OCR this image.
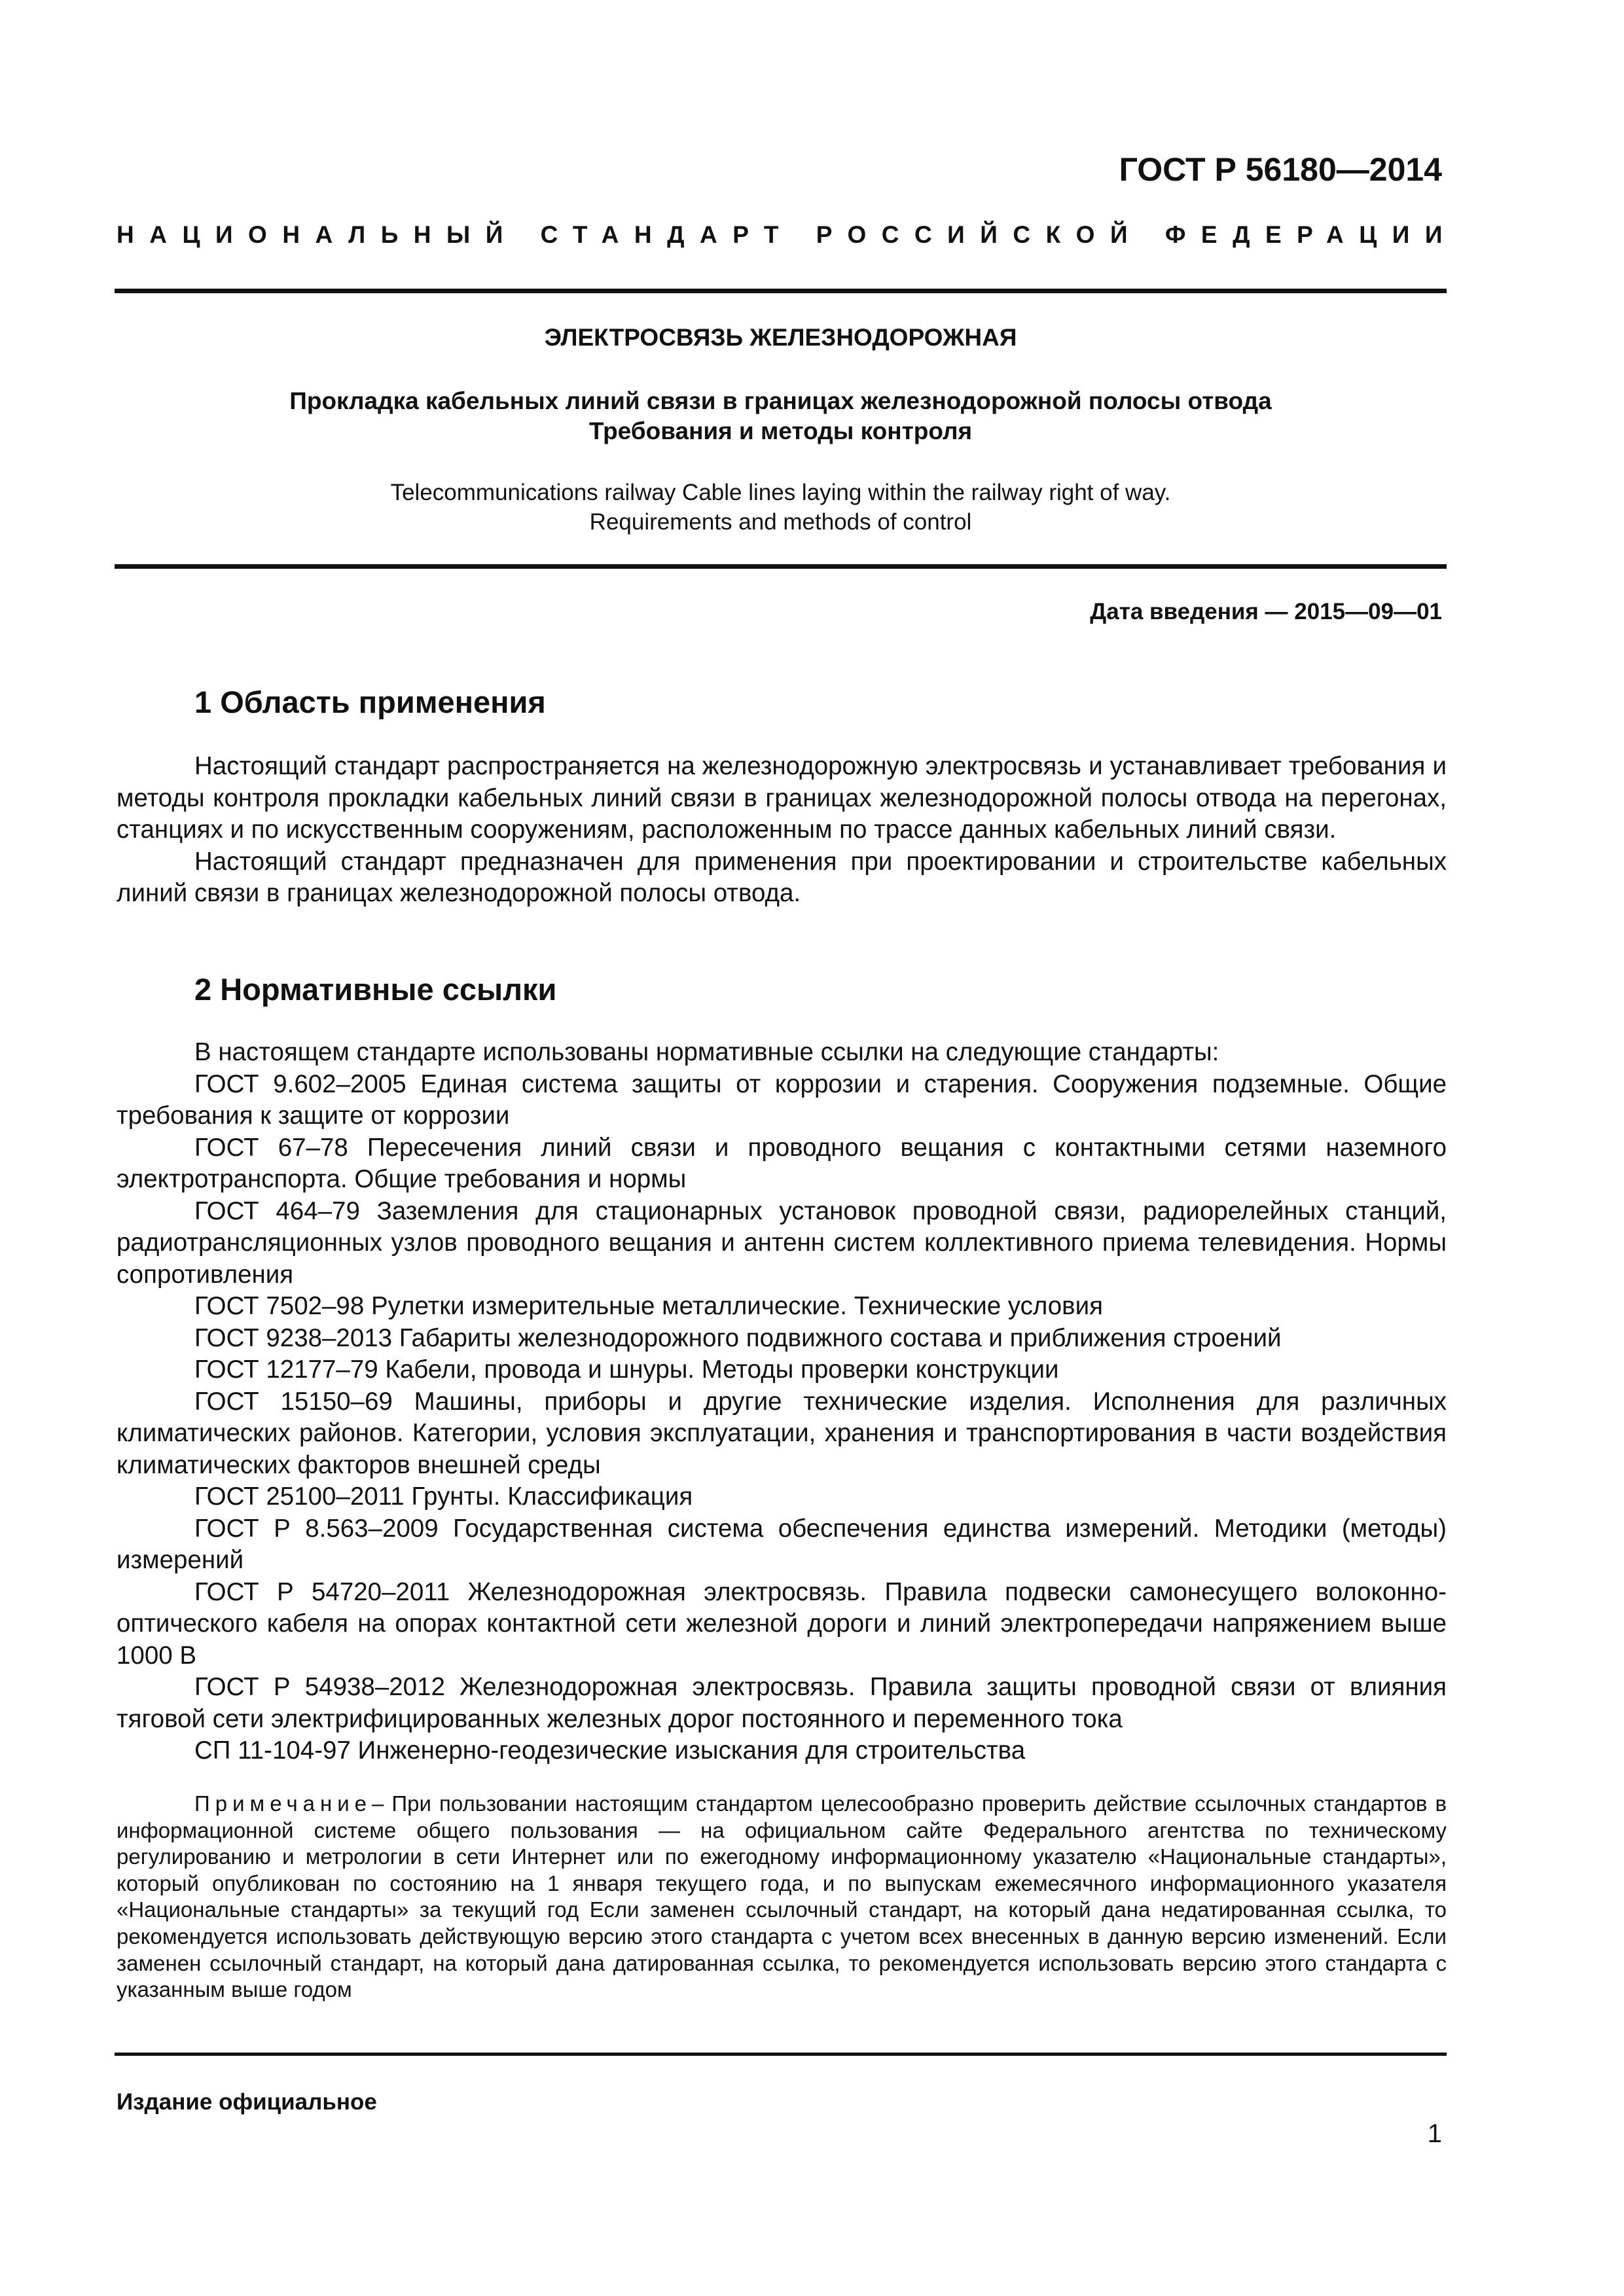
ГОСТ Р 56180—2014
НАЦИОНАЛЬНЫЙ СТАНДАРТ РОССИЙСКОЙ ФЕДЕРАЦИИ
ЭЛЕКТРОСВЯЗЬ ЖЕЛЕЗНОДОРОЖНАЯ
Прокладка кабельных линий связи в границах железнодорожной полосы отвода
Требования и методы контроля
Telecommunications railway Cable lines laying within the railway right of way.
Requirements and methods of control
Дата введения — 2015—09—01
1 Область применения

Настоящий стандарт распространяется на железнодорожную электросвязь и устанавливает требования и методы контроля прокладки кабельных линий связи в границах железнодорожной полосы отвода на перегонах, станциях и по искусственным сооружениям, расположенным по трассе данных кабельных линий связи.

Настоящий стандарт предназначен для применения при проектировании и строительстве кабельных линий связи в границах железнодорожной полосы отвода.

2 Нормативные ссылки

В настоящем стандарте использованы нормативные ссылки на следующие стандарты:

ГОСТ 9.602–2005 Единая система защиты от коррозии и старения. Сооружения подземные. Общие требования к защите от коррозии

ГОСТ 67–78 Пересечения линий связи и проводного вещания с контактными сетями наземного электротранспорта. Общие требования и нормы

ГОСТ 464–79 Заземления для стационарных установок проводной связи, радиорелейных станций, радиотрансляционных узлов проводного вещания и антенн систем коллективного приема телевидения. Нормы сопротивления

ГОСТ 7502–98 Рулетки измерительные металлические. Технические условия

ГОСТ 9238–2013 Габариты железнодорожного подвижного состава и приближения строений

ГОСТ 12177–79 Кабели, провода и шнуры. Методы проверки конструкции

ГОСТ 15150–69 Машины, приборы и другие технические изделия. Исполнения для различных климатических районов. Категории, условия эксплуатации, хранения и транспортирования в части воздействия климатических факторов внешней среды

ГОСТ 25100–2011 Грунты. Классификация

ГОСТ Р 8.563–2009 Государственная система обеспечения единства измерений. Методики (методы) измерений

ГОСТ Р 54720–2011 Железнодорожная электросвязь. Правила подвески самонесущего волоконно-оптического кабеля на опорах контактной сети железной дороги и линий электропередачи напряжением выше 1000 В

ГОСТ Р 54938–2012 Железнодорожная электросвязь. Правила защиты проводной связи от влияния тяговой сети электрифицированных железных дорог постоянного и переменного тока

СП 11-104-97 Инженерно-геодезические изыскания для строительства

Примечание– При пользовании настоящим стандартом целесообразно проверить действие ссылочных стандартов в информационной системе общего пользования — на официальном сайте Федерального агентства по техническому регулированию и метрологии в сети Интернет или по ежегодному информационному указателю «Национальные стандарты», который опубликован по состоянию на 1 января текущего года, и по выпускам ежемесячного информационного указателя «Национальные стандарты» за текущий год Если заменен ссылочный стандарт, на который дана недатированная ссылка, то рекомендуется использовать действующую версию этого стандарта с учетом всех внесенных в данную версию изменений. Если заменен ссылочный стандарт, на который дана датированная ссылка, то рекомендуется использовать версию этого стандарта с указанным выше годом

Издание официальное
1
